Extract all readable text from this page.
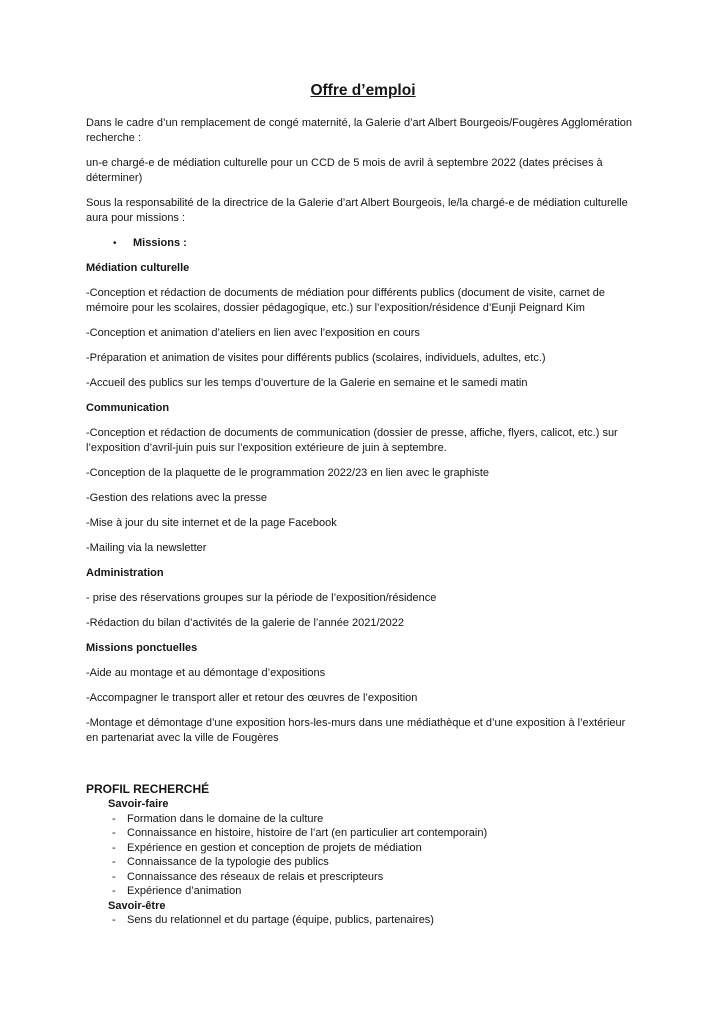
Offre d’emploi

Dans le cadre d’un remplacement de congé maternité, la Galerie d’art Albert Bourgeois/Fougères Agglomération recherche :

un-e chargé-e de médiation culturelle pour un CCD de 5 mois de avril à septembre 2022 (dates précises à déterminer)

Sous la responsabilité de la directrice de la Galerie d’art Albert Bourgeois, le/la chargé-e de médiation culturelle aura pour missions :

•	Missions :
Médiation culturelle

-Conception et rédaction de documents de médiation pour différents publics (document de visite, carnet de mémoire pour les scolaires, dossier pédagogique, etc.) sur l’exposition/résidence d’Eunji Peignard Kim

-Conception et animation d’ateliers en lien avec l’exposition en cours

-Préparation et animation de visites pour différents publics (scolaires, individuels, adultes, etc.)

-Accueil des publics sur les temps d’ouverture de la Galerie en semaine et le samedi matin

Communication

-Conception et rédaction de documents de communication (dossier de presse, affiche, flyers, calicot, etc.) sur l’exposition d’avril-juin puis sur l’exposition extérieure de juin à septembre.

-Conception de la plaquette de le programmation 2022/23 en lien avec le graphiste

-Gestion des relations avec la presse

-Mise à jour du site internet et de la page Facebook

-Mailing via la newsletter

Administration

- prise des réservations groupes sur la période de l’exposition/résidence

-Rédaction du bilan d’activités de la galerie de l’année 2021/2022

Missions ponctuelles

-Aide au montage et au démontage d’expositions

-Accompagner le transport aller et retour des œuvres de l’exposition

-Montage et démontage d’une exposition hors-les-murs dans une médiathèque et d’une exposition à l’extérieur en partenariat avec la ville de Fougères

PROFIL RECHERCHÉ
Savoir-faire
-	Formation dans le domaine de la culture
-	Connaissance en histoire, histoire de l’art (en particulier art contemporain)
-	Expérience en gestion et conception de projets de médiation
-	Connaissance de la typologie des publics
-	Connaissance des réseaux de relais et prescripteurs
-	Expérience d’animation
Savoir-être
-	Sens du relationnel et du partage (équipe, publics, partenaires)
